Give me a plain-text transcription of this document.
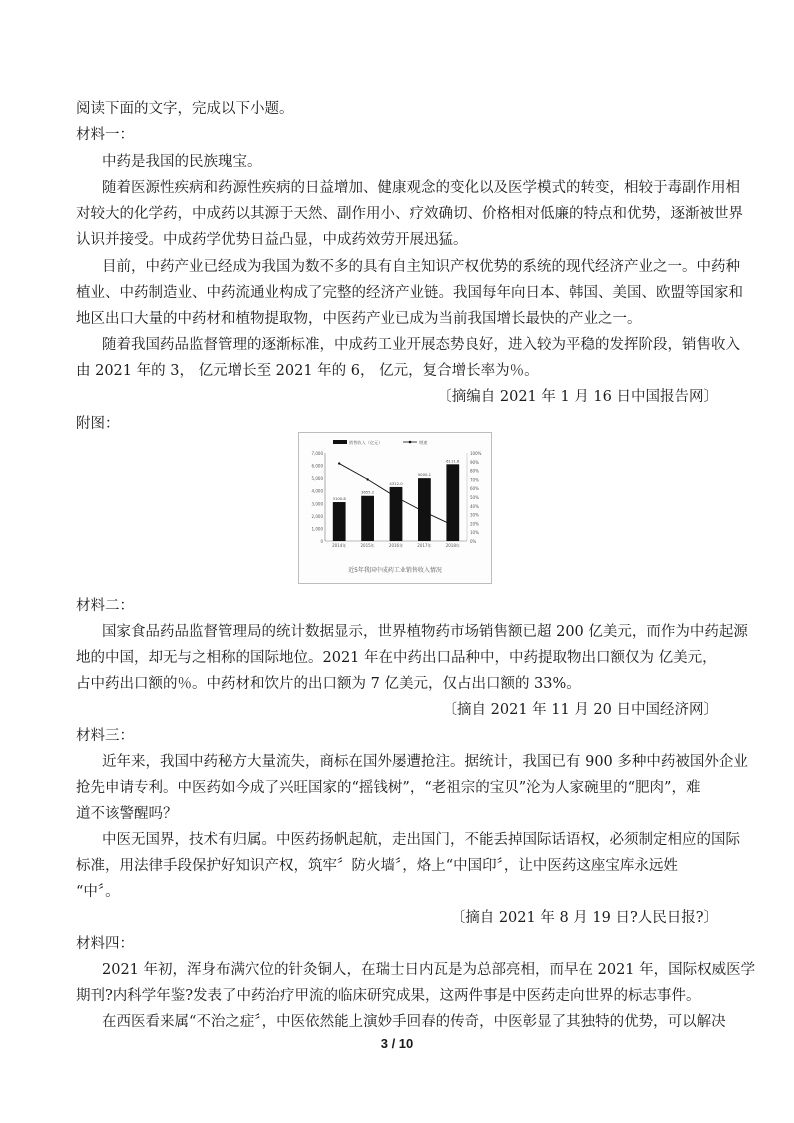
阅读下面的文字，完成以下小题。
材料一：
中药是我国的民族瑰宝。
随着医源性疾病和药源性疾病的日益增加、健康观念的变化以及医学模式的转变，相较于毒副作用相
对较大的化学药，中成药以其源于天然、副作用小、疗效确切、价格相对低廉的特点和优势，逐渐被世界
认识并接受。中成药学优势日益凸显，中成药效劳开展迅猛。
目前，中药产业已经成为我国为数不多的具有自主知识产权优势的系统的现代经济产业之一。中药种
植业、中药制造业、中药流通业构成了完整的经济产业链。我国每年向日本、韩国、美国、欧盟等国家和
地区出口大量的中药材和植物提取物，中医药产业已成为当前我国增长最快的产业之一。
随着我国药品监督管理的逐渐标准，中成药工业开展态势良好，进入较为平稳的发挥阶段，销售收入
由 2021 年的 3， 亿元增长至 2021 年的 6， 亿元，复合增长率为％。
〔摘编自 2021 年 1 月 16 日中国报告网〕
附图：
7,000
6,000
5,000
4,000
3,000
2,000
1,000
0
100%
90%
80%
70%
60%
50%
40%
30%
20%
10%
0%
销售收入（亿元）	增速
3100.8
2014年
3655.2
2015年
4312.0
2016年
5000.1
2017年
6111.8
2018年
近5年我国中成药工业销售收入情况
材料二：
国家食品药品监督管理局的统计数据显示，世界植物药市场销售额已超 200 亿美元，而作为中药起源
地的中国，却无与之相称的国际地位。2021 年在中药出口品种中，中药提取物出口额仅为 亿美元，
占中药出口额的％。中药材和饮片的出口额为 7 亿美元，仅占出口额的 33%。
〔摘自 2021 年 11 月 20 日中国经济网〕
材料三：
近年来，我国中药秘方大量流失，商标在国外屡遭抢注。据统计，我国已有 900 多种中药被国外企业
抢先申请专利。中医药如今成了兴旺国家的“摇钱树”，“老祖宗的宝贝”沦为人家碗里的“肥肉”，难
道不该警醒吗？
中医无国界，技术有归属。中医药扬帆起航，走出国门，不能丢掉国际话语权，必须制定相应的国际
标准，用法律手段保护好知识产权，筑牢〞防火墙〞，烙上“中国印〞，让中医药这座宝库永远姓
“中〞。
〔摘自 2021 年 8 月 19 日?人民日报?〕
材料四：
2021 年初，浑身布满穴位的针灸铜人，在瑞士日内瓦是为总部亮相，而早在 2021 年，国际权威医学
期刊?内科学年鉴?发表了中药治疗甲流的临床研究成果，这两件事是中医药走向世界的标志事件。
在西医看来属“不治之症〞，中医依然能上演妙手回春的传奇，中医彰显了其独特的优势，可以解决
3 / 10
